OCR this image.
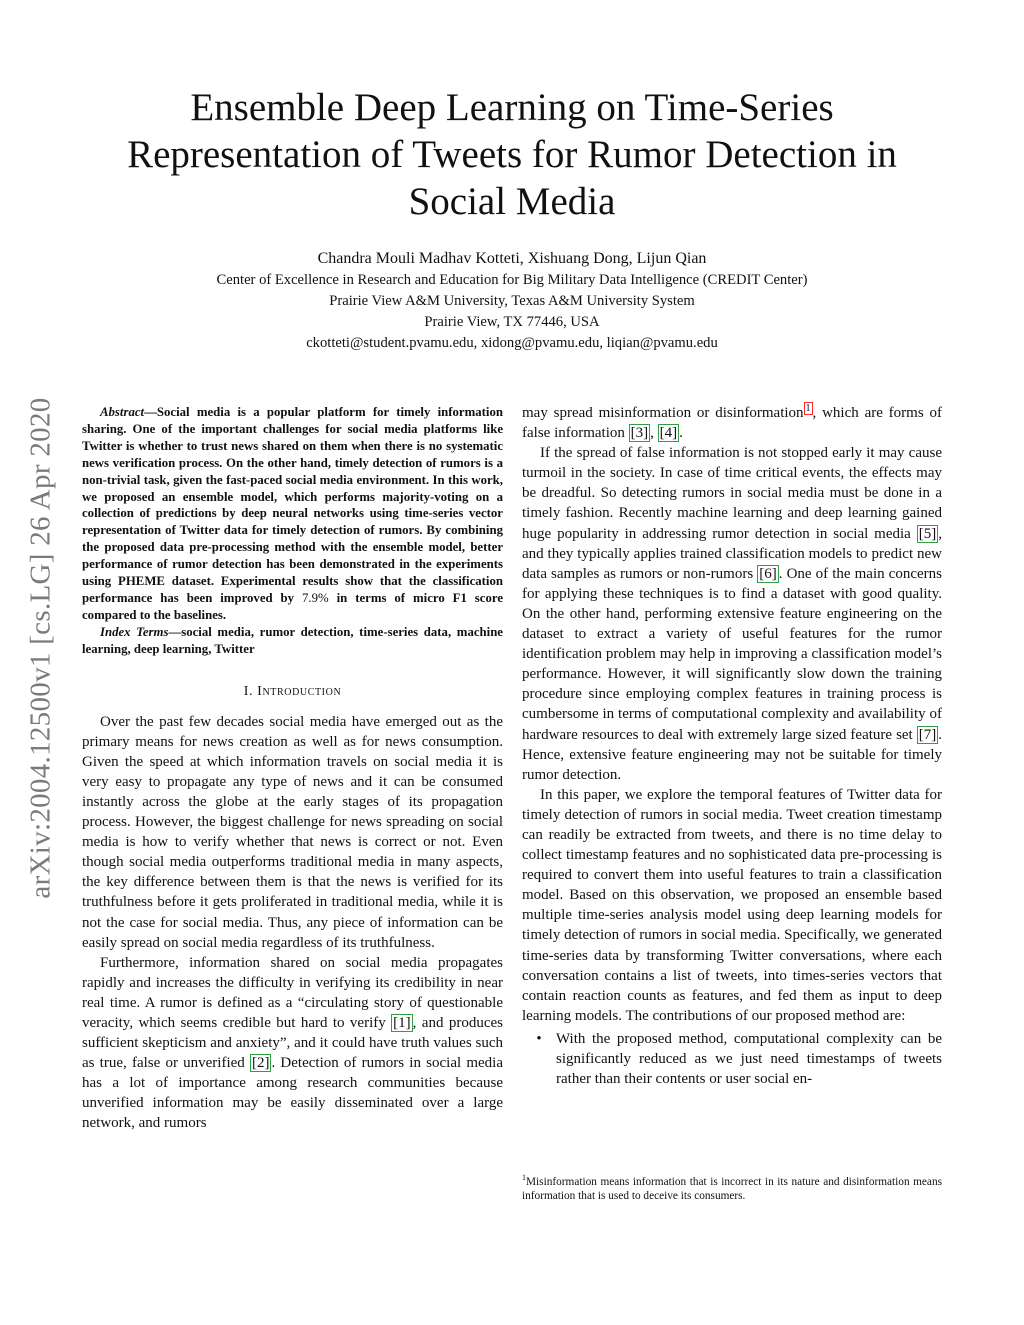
Ensemble Deep Learning on Time-Series Representation of Tweets for Rumor Detection in Social Media
Chandra Mouli Madhav Kotteti, Xishuang Dong, Lijun Qian
Center of Excellence in Research and Education for Big Military Data Intelligence (CREDIT Center)
Prairie View A&M University, Texas A&M University System
Prairie View, TX 77446, USA
ckotteti@student.pvamu.edu, xidong@pvamu.edu, liqian@pvamu.edu
arXiv:2004.12500v1 [cs.LG] 26 Apr 2020	Abstract—Social media is a popular platform for timely information sharing. One of the important challenges for social media platforms like Twitter is whether to trust news shared on them when there is no systematic news verification process. On the other hand, timely detection of rumors is a non-trivial task, given the fast-paced social media environment. In this work, we proposed an ensemble model, which performs majority-voting on a collection of predictions by deep neural networks using time-series vector representation of Twitter data for timely detection of rumors. By combining the proposed data pre-processing method with the ensemble model, better performance of rumor detection has been demonstrated in the experiments using PHEME dataset. Experimental results show that the classification performance has been improved by 7.9% in terms of micro F1 score compared to the baselines.

Index Terms—social media, rumor detection, time-series data, machine learning, deep learning, Twitter

I. Introduction

Over the past few decades social media have emerged out as the primary means for news creation as well as for news consumption. Given the speed at which information travels on social media it is very easy to propagate any type of news and it can be consumed instantly across the globe at the early stages of its propagation process. However, the biggest challenge for news spreading on social media is how to verify whether that news is correct or not. Even though social media outperforms traditional media in many aspects, the key difference between them is that the news is verified for its truthfulness before it gets proliferated in traditional media, while it is not the case for social media. Thus, any piece of information can be easily spread on social media regardless of its truthfulness.

Furthermore, information shared on social media propagates rapidly and increases the difficulty in verifying its credibility in near real time. A rumor is defined as a “circulating story of questionable veracity, which seems credible but hard to verify [1] , and produces sufficient skepticism and anxiety”, and it could have truth values such as true, false or unverified [2] . Detection of rumors in social media has a lot of importance among research communities because unverified information may be easily disseminated over a large network, and rumors

may spread misinformation or disinformation $^1$ , which are forms of false information [3] , [4] .

If the spread of false information is not stopped early it may cause turmoil in the society. In case of time critical events, the effects may be dreadful. So detecting rumors in social media must be done in a timely fashion. Recently machine learning and deep learning gained huge popularity in addressing rumor detection in social media [5] , and they typically applies trained classification models to predict new data samples as rumors or non-rumors [6] . One of the main concerns for applying these techniques is to find a dataset with good quality. On the other hand, performing extensive feature engineering on the dataset to extract a variety of useful features for the rumor identification problem may help in improving a classification model’s performance. However, it will significantly slow down the training procedure since employing complex features in training process is cumbersome in terms of computational complexity and availability of hardware resources to deal with extremely large sized feature set [7] . Hence, extensive feature engineering may not be suitable for timely rumor detection.

In this paper, we explore the temporal features of Twitter data for timely detection of rumors in social media. Tweet creation timestamp can readily be extracted from tweets, and there is no time delay to collect timestamp features and no sophisticated data pre-processing is required to convert them into useful features to train a classification model. Based on this observation, we proposed an ensemble based multiple time-series analysis model using deep learning models for timely detection of rumors in social media. Specifically, we generated time-series data by transforming Twitter conversations, where each conversation contains a list of tweets, into times-series vectors that contain reaction counts as features, and fed them as input to deep learning models. The contributions of our proposed method are:

• With the proposed method, computational complexity can be significantly reduced as we just need timestamps of tweets rather than their contents or user social en-
$^1$Misinformation means information that is incorrect in its nature and disinformation means information that is used to deceive its consumers.
